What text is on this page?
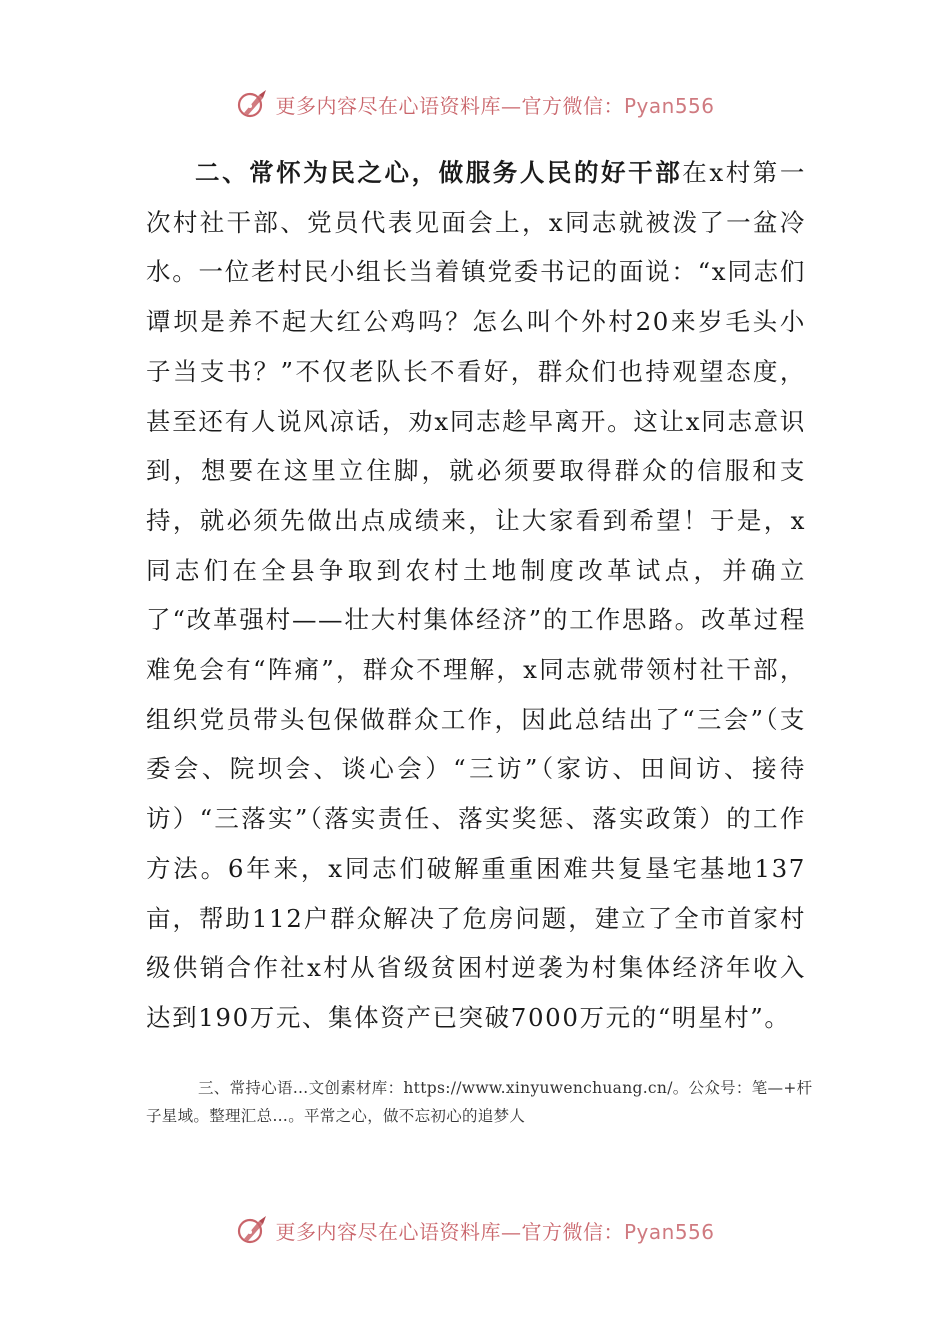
更多内容尽在心语资料库—官方微信：Pyan556
二、常怀为民之心，做服务人民的好干部在x村第一次村社干部、党员代表见面会上，x同志就被泼了一盆冷水。一位老村民小组长当着镇党委书记的面说：“x同志们谭坝是养不起大红公鸡吗？怎么叫个外村20来岁毛头小子当支书？”不仅老队长不看好，群众们也持观望态度，甚至还有人说风凉话，劝x同志趁早离开。这让x同志意识到，想要在这里立住脚，就必须要取得群众的信服和支持，就必须先做出点成绩来，让大家看到希望！于是，x同志们在全县争取到农村土地制度改革试点，并确立了“改革强村——壮大村集体经济”的工作思路。改革过程难免会有“阵痛”，群众不理解，x同志就带领村社干部，组织党员带头包保做群众工作，因此总结出了“三会”（支委会、院坝会、谈心会）“三访”（家访、田间访、接待访）“三落实”（落实责任、落实奖惩、落实政策）的工作方法。6年来，x同志们破解重重困难共复垦宅基地137亩，帮助112户群众解决了危房问题，建立了全市首家村级供销合作社x村从省级贫困村逆袭为村集体经济年收入达到190万元、集体资产已突破7000万元的“明星村”。
三、常持心语…文创素材库：https://www.xinyuwenchuang.cn/。公众号：笔—+杆子星域。整理汇总…。平常之心，做不忘初心的追梦人
更多内容尽在心语资料库—官方微信：Pyan556
